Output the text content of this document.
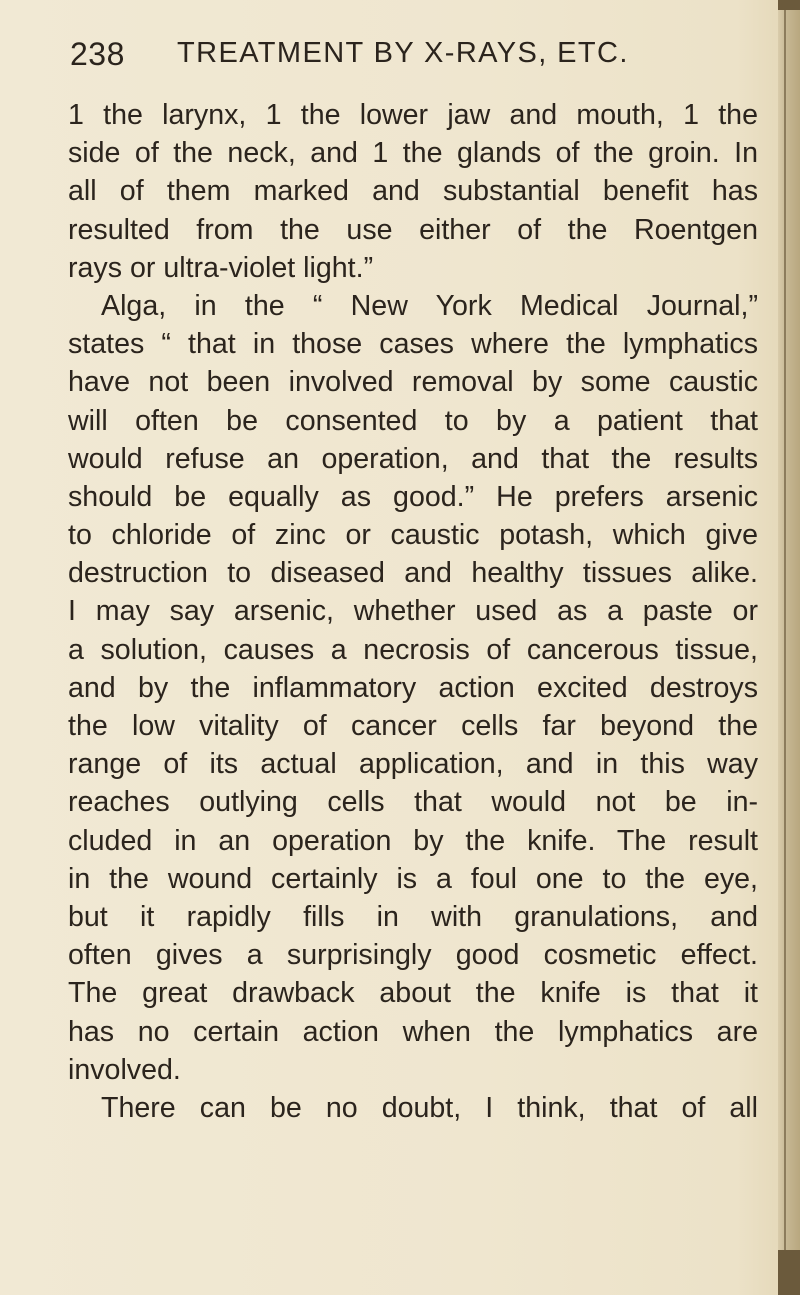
238 TREATMENT BY X-RAYS, ETC.
1 the larynx, 1 the lower jaw and mouth, 1 the
side of the neck, and 1 the glands of the groin. In
all of them marked and substantial benefit has
resulted from the use either of the Roentgen
rays or ultra-violet light.”
Alga, in the “ New York Medical Journal,”
states “ that in those cases where the lymphatics
have not been involved removal by some caustic
will often be consented to by a patient that
would refuse an operation, and that the results
should be equally as good.” He prefers arsenic
to chloride of zinc or caustic potash, which give
destruction to diseased and healthy tissues alike.
I may say arsenic, whether used as a paste or
a solution, causes a necrosis of cancerous tissue,
and by the inflammatory action excited destroys
the low vitality of cancer cells far beyond the
range of its actual application, and in this way
reaches outlying cells that would not be in-
cluded in an operation by the knife. The result
in the wound certainly is a foul one to the eye,
but it rapidly fills in with granulations, and
often gives a surprisingly good cosmetic effect.
The great drawback about the knife is that it
has no certain action when the lymphatics are
involved.
There can be no doubt, I think, that of all
